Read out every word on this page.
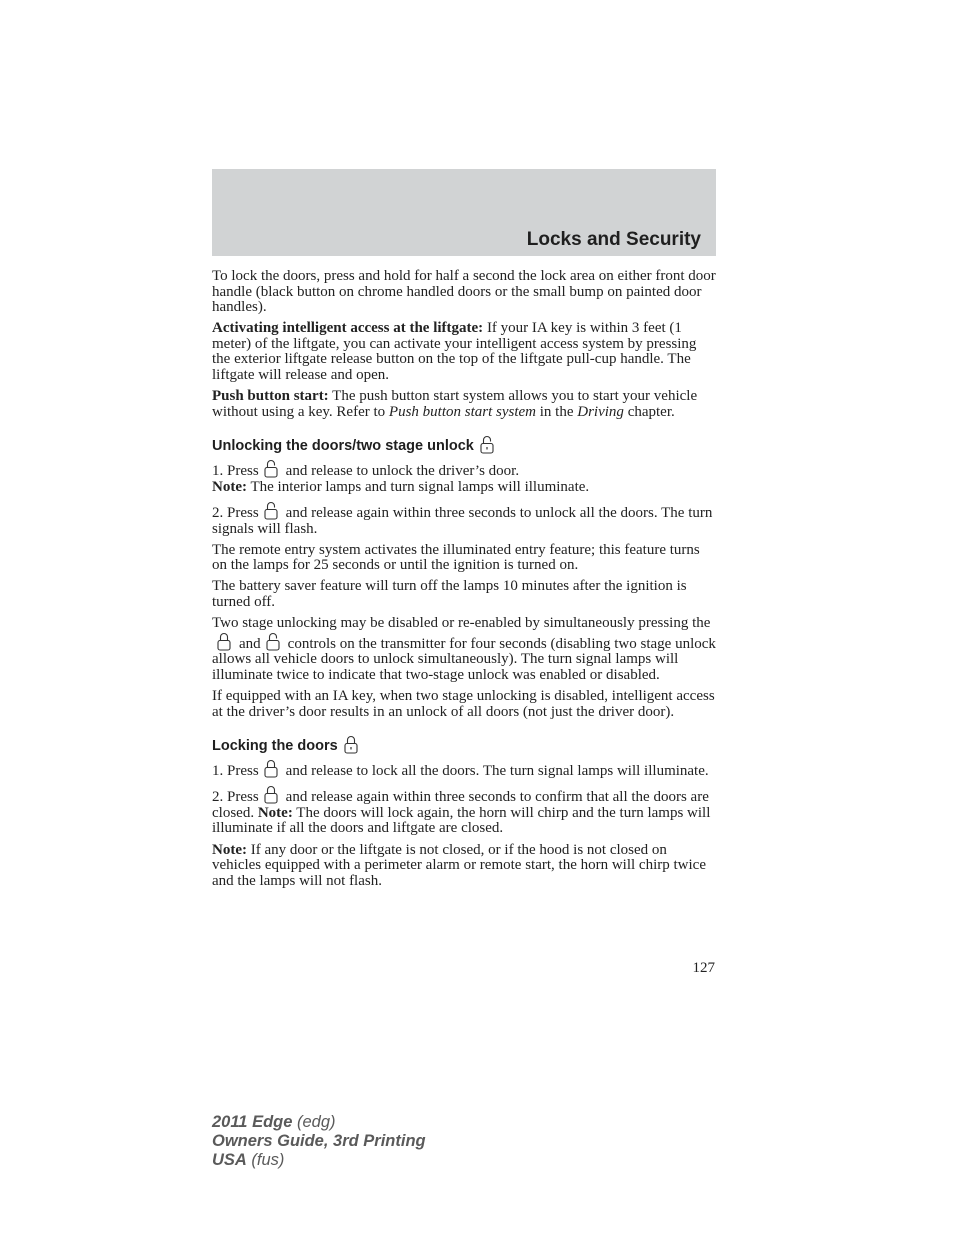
Locks and Security

To lock the doors, press and hold for half a second the lock area on either front door handle (black button on chrome handled doors or the small bump on painted door handles).

Activating intelligent access at the liftgate: If your IA key is within 3 feet (1 meter) of the liftgate, you can activate your intelligent access system by pressing the exterior liftgate release button on the top of the liftgate pull-cup handle. The liftgate will release and open.

Push button start: The push button start system allows you to start your vehicle without using a key. Refer to Push button start system in the Driving chapter.

Unlocking the doors/two stage unlock

1. Press and release to unlock the driver’s door.

Note: The interior lamps and turn signal lamps will illuminate.

2. Press and release again within three seconds to unlock all the doors. The turn signals will flash.

The remote entry system activates the illuminated entry feature; this feature turns on the lamps for 25 seconds or until the ignition is turned on.

The battery saver feature will turn off the lamps 10 minutes after the ignition is turned off.

Two stage unlocking may be disabled or re-enabled by simultaneously pressing the
and controls on the transmitter for four seconds (disabling two stage unlock allows all vehicle doors to unlock simultaneously). The turn signal lamps will illuminate twice to indicate that two-stage unlock was enabled or disabled.

If equipped with an IA key, when two stage unlocking is disabled, intelligent access at the driver’s door results in an unlock of all doors (not just the driver door).

Locking the doors

1. Press and release to lock all the doors. The turn signal lamps will illuminate.

2. Press and release again within three seconds to confirm that all the doors are closed. Note: The doors will lock again, the horn will chirp and the turn lamps will illuminate if all the doors and liftgate are closed.

Note: If any door or the liftgate is not closed, or if the hood is not closed on vehicles equipped with a perimeter alarm or remote start, the horn will chirp twice and the lamps will not flash.

127
2011 Edge (edg)
Owners Guide, 3rd Printing
USA (fus)
